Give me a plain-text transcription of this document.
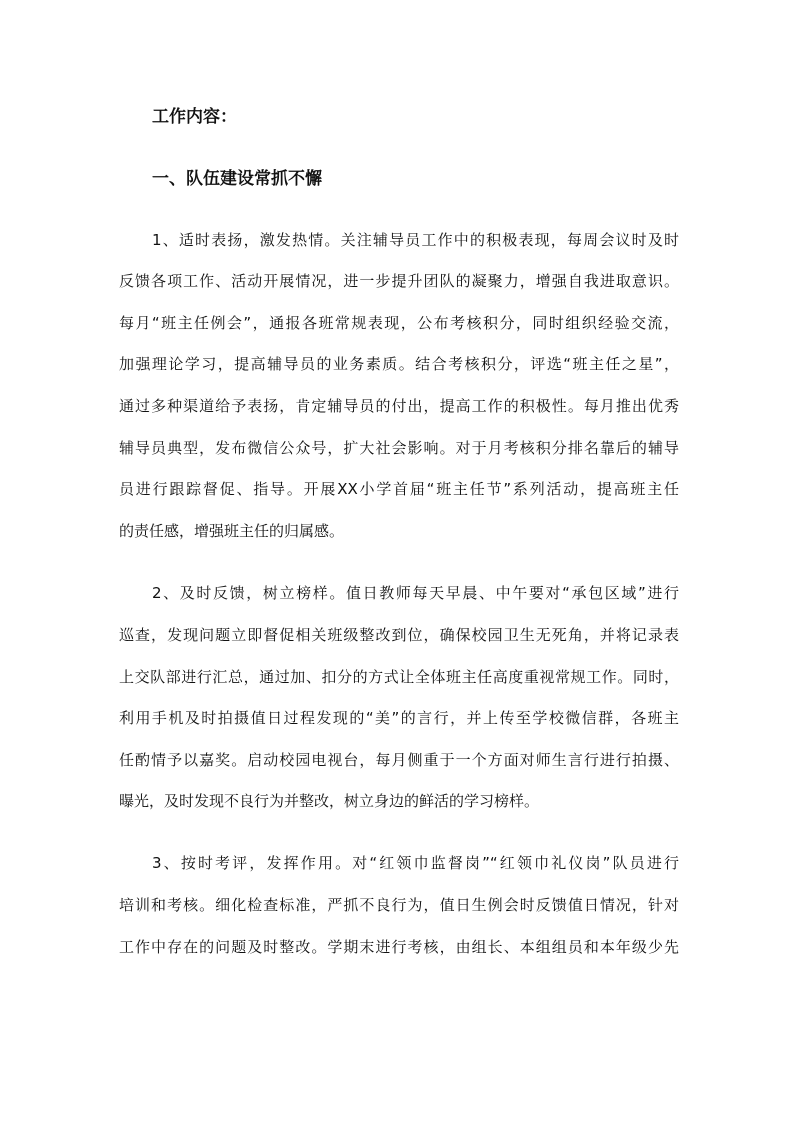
工作内容：
一、队伍建设常抓不懈
1、适时表扬，激发热情。关注辅导员工作中的积极表现，每周会议时及时
反馈各项工作、活动开展情况，进一步提升团队的凝聚力，增强自我进取意识。
每月“班主任例会”，通报各班常规表现，公布考核积分，同时组织经验交流，
加强理论学习，提高辅导员的业务素质。结合考核积分，评选“班主任之星”，
通过多种渠道给予表扬，肯定辅导员的付出，提高工作的积极性。每月推出优秀
辅导员典型，发布微信公众号，扩大社会影响。对于月考核积分排名靠后的辅导
员进行跟踪督促、指导。开展XX小学首届“班主任节”系列活动，提高班主任
的责任感，增强班主任的归属感。
2、及时反馈，树立榜样。值日教师每天早晨、中午要对“承包区域”进行
巡查，发现问题立即督促相关班级整改到位，确保校园卫生无死角，并将记录表
上交队部进行汇总，通过加、扣分的方式让全体班主任高度重视常规工作。同时，
利用手机及时拍摄值日过程发现的“美”的言行，并上传至学校微信群，各班主
任酌情予以嘉奖。启动校园电视台，每月侧重于一个方面对师生言行进行拍摄、
曝光，及时发现不良行为并整改，树立身边的鲜活的学习榜样。
3、按时考评，发挥作用。对“红领巾监督岗”“红领巾礼仪岗”队员进行
培训和考核。细化检查标准，严抓不良行为，值日生例会时反馈值日情况，针对
工作中存在的问题及时整改。学期末进行考核，由组长、本组组员和本年级少先
